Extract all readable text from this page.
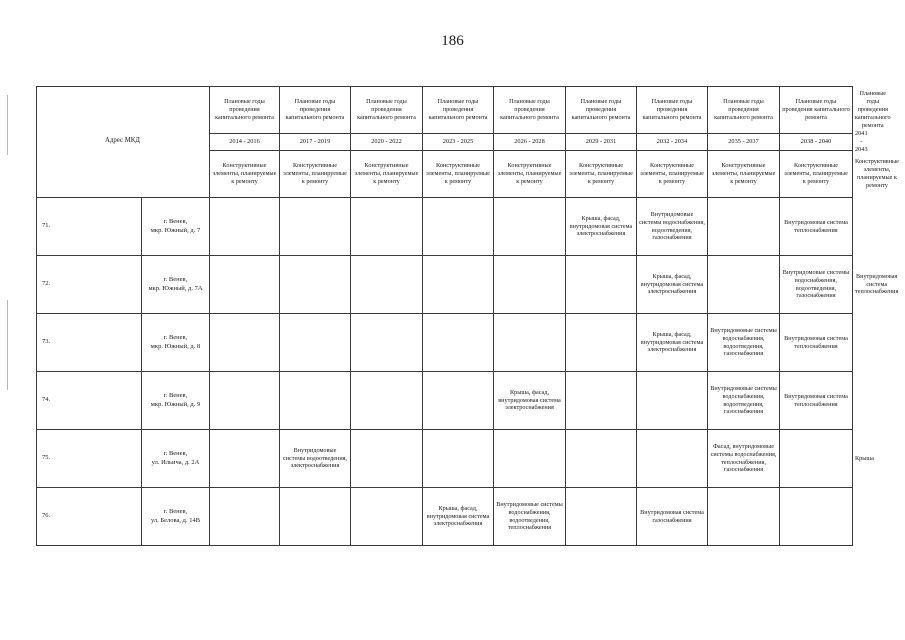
186
Адрес МКД
Плановые годы проведения капитального ремонта
2014 - 2016
Конструктивные элементы, планируемые к ремонту
Плановые годы проведения капитального ремонта
2017 - 2019
Конструктивные элементы, планируемые к ремонту
Плановые годы проведения капитального ремонта
2020 - 2022
Конструктивные элементы, планируемые к ремонту
Плановые годы проведения капитального ремонта
2023 - 2025
Конструктивные элементы, планируемые к ремонту
Плановые годы проведения капитального ремонта
2026 - 2028
Конструктивные элементы, планируемые к ремонту
Плановые годы проведения капитального ремонта
2029 - 2031
Конструктивные элементы, планируемые к ремонту
Плановые годы проведения капитального ремонта
2032 - 2034
Конструктивные элементы, планируемые к ремонту
Плановые годы проведения капитального ремонта
2035 - 2037
Конструктивные элементы, планируемые к ремонту
Плановые годы проведения капитального ремонта
2038 - 2040
Конструктивные элементы, планируемые к ремонту
Плановые годы проведения капитального ремонта
2041 - 2043
Конструктивные элементы, планируемые к ремонту
71.
г. Венев,
мкр. Южный, д. 7
Крыша, фасад, внутридомовая система электроснабжения
Внутридомовые системы водоснабжения, водоотведения, газоснабжения
Внутридомовая система теплоснабжения
72.
г. Венев,
мкр. Южный, д. 7А
Крыша, фасад, внутридомовая система электроснабжения
Внутридомовые системы водоснабжения, водоотведения, газоснабжения
Внутридомовая система теплоснабжения
73.
г. Венев,
мкр. Южный, д. 8
Крыша, фасад, внутридомовая система электроснабжения
Внутридомовые системы водоснабжения, водоотведения, газоснабжения
Внутридомовая система теплоснабжения
74.
г. Венев,
мкр. Южный, д. 9
Крыша, фасад, внутридомовая система электроснабжения
Внутридомовые системы водоснабжения, водоотведения, газоснабжения
Внутридомовая система теплоснабжения
75.
г. Венев,
ул. Ильича, д. 2А
Внутридомовые системы водоотведения, электроснабжения
Фасад, внутридомовые системы водоснабжения, теплоснабжения, газоснабжения
Крыша
76.
г. Венев,
ул. Белова, д. 14В
Крыша, фасад, внутридомовая система электроснабжения
Внутридомовые системы водоснабжения, водоотведения, теплоснабжения
Внутридомовая система газоснабжения
